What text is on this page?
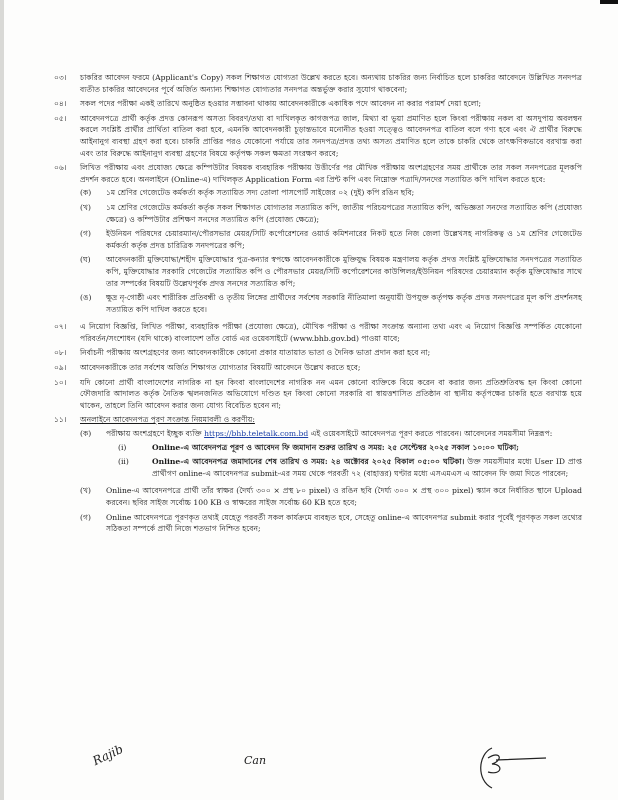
০৩।	চাকরির আবেদন ফরমে (Applicant's Copy) সকল শিক্ষাগত যোগ্যতা উল্লেখ করতে হবে। অন্যথায় চাকরির জন্য নির্বাচিত হলে চাকরির আবেদনে উল্লিখিত সনদপত্র ব্যতীত চাকরির আবেদনের পূর্বে অর্জিত অন্যান্য শিক্ষাগত যোগ্যতার সনদপত্র অন্তর্ভুক্ত করার সুযোগ থাকবেনা;
০৪।	সকল পদের পরীক্ষা একই তারিখে অনুষ্ঠিত হওয়ার সম্ভাবনা থাকায় আবেদনকারীকে একাধিক পদে আবেদন না করার পরামর্শ দেয়া হলো;
০৫।	আবেদনপত্রে প্রার্থী কর্তৃক প্রদত্ত কোনরূপ অসত্য বিবরণ/তথ্য বা দাখিলকৃত কাগজপত্র জাল, মিথ্যা বা ভুয়া প্রমাণিত হলে কিংবা পরীক্ষায় নকল বা অসদুপায় অবলম্বন করলে সংশ্লিষ্ট প্রার্থীর প্রার্থিতা বাতিল করা হবে, এমনকি আবেদনকারী চূড়ান্তভাবে মনোনীত হওয়া সত্ত্বেও আবেদনপত্র বাতিল বলে গণ্য হবে এবং ঐ প্রার্থীর বিরুদ্ধে আইনানুগ ব্যবস্থা গ্রহণ করা হবে। চাকরি প্রাপ্তির পরও যেকোনো পর্যায়ে তার সনদপত্র/প্রদত্ত তথ্য অসত্য প্রমাণিত হলে তাকে চাকরি থেকে তাৎক্ষণিকভাবে বরখাস্ত করা এবং তার বিরুদ্ধে আইনানুগ ব্যবস্থা গ্রহণের বিষয়ে কর্তৃপক্ষ সকল ক্ষমতা সংরক্ষণ করবে;
০৬।	লিখিত পরীক্ষায় এবং প্রযোজ্য ক্ষেত্রে কম্পিউটার বিষয়ক ব্যবহারিক পরীক্ষায় উত্তীর্ণের পর মৌখিক পরীক্ষায় অংশগ্রহণের সময় প্রার্থীকে তার সকল সনদপত্রের মূলকপি প্রদর্শন করতে হবে। অনলাইনে (Online-এ) দাখিলকৃত Application Form এর প্রিন্ট কপি এবং নিম্নোক্ত পত্রাদি/সনদের সত্যায়িত কপি দাখিল করতে হবে:
(ক)	১ম শ্রেণির গেজেটেড কর্মকর্তা কর্তৃক সত্যায়িত সদ্য তোলা পাসপোর্ট সাইজের ০২ (দুই) কপি রঙিন ছবি;
(খ)	১ম শ্রেণির গেজেটেড কর্মকর্তা কর্তৃক সকল শিক্ষাগত যোগ্যতার সত্যায়িত কপি, জাতীয় পরিচয়পত্রের সত্যায়িত কপি, অভিজ্ঞতা সনদের সত্যায়িত কপি (প্রযোজ্য ক্ষেত্রে) ও কম্পিউটার প্রশিক্ষণ সনদের সত্যায়িত কপি (প্রযোজ্য ক্ষেত্রে);
(গ)	ইউনিয়ন পরিষদের চেয়ারম্যান/পৌরসভার মেয়র/সিটি কর্পোরেশনের ওয়ার্ড কমিশনারের নিকট হতে নিজ জেলা উল্লেখসহ নাগরিকত্ব ও ১ম শ্রেণির গেজেটেড কর্মকর্তা কর্তৃক প্রদত্ত চারিত্রিক সনদপত্রের কপি;
(ঘ)	আবেদনকারী মুক্তিযোদ্ধা/শহীদ মুক্তিযোদ্ধার পুত্র-কন্যার স্বপক্ষে আবেদনকারীকে মুক্তিযুদ্ধ বিষয়ক মন্ত্রণালয় কর্তৃক প্রদত্ত সংশ্লিষ্ট মুক্তিযোদ্ধার সনদপত্রের সত্যায়িত কপি, মুক্তিযোদ্ধার সরকারি গেজেটের সত্যায়িত কপি ও পৌরসভার মেয়র/সিটি কর্পোরেশনের কাউন্সিলর/ইউনিয়ন পরিষদের চেয়ারম্যান কর্তৃক মুক্তিযোদ্ধার সাথে তার সম্পর্কের বিষয়টি উল্লেখপূর্বক প্রদত্ত সনদের সত্যায়িত কপি;
(ঙ)	ক্ষুদ্র নৃ-গোষ্ঠী এবং শারীরিক প্রতিবন্ধী ও তৃতীয় লিঙ্গের প্রার্থীদের সর্বশেষ সরকারি নীতিমালা অনুযায়ী উপযুক্ত কর্তৃপক্ষ কর্তৃক প্রদত্ত সনদপত্রের মূল কপি প্রদর্শনসহ সত্যায়িত কপি দাখিল করতে হবে।
০৭।	এ নিয়োগ বিজ্ঞপ্তি, লিখিত পরীক্ষা, ব্যবহারিক পরীক্ষা (প্রযোজ্য ক্ষেত্রে), মৌখিক পরীক্ষা ও পরীক্ষা সংক্রান্ত অন্যান্য তথ্য এবং এ নিয়োগ বিজ্ঞপ্তি সম্পর্কিত যেকোনো পরিবর্তন/সংশোধন (যদি থাকে) বাংলাদেশ তাঁত বোর্ড এর ওয়েবসাইটে (www.bhb.gov.bd) পাওয়া যাবে;
০৮।	নির্বাচনী পরীক্ষায় অংশগ্রহণের জন্য আবেদনকারীকে কোনো প্রকার যাতায়াত ভাতা ও দৈনিক ভাতা প্রদান করা হবে না;
০৯।	আবেদনকারীকে তার সর্বশেষ অর্জিত শিক্ষাগত যোগ্যতার বিষয়টি আবেদনে উল্লেখ করতে হবে;
১০।	যদি কোনো প্রার্থী বাংলাদেশের নাগরিক না হন কিংবা বাংলাদেশের নাগরিক নন এমন কোনো ব্যক্তিকে বিয়ে করেন বা করার জন্য প্রতিশ্রুতিবদ্ধ হন কিংবা কোনো ফৌজদারি আদালত কর্তৃক নৈতিক স্খলনজনিত অভিযোগে দণ্ডিত হন কিংবা কোনো সরকারি বা স্বায়ত্তশাসিত প্রতিষ্ঠান বা স্থানীয় কর্তৃপক্ষের চাকরি হতে বরখাস্ত হয়ে থাকেন, তাহলে তিনি আবেদন করার জন্য যোগ্য বিবেচিত হবেন না;
১১।	অনলাইনে আবেদনপত্র পূরণ সংক্রান্ত নিয়মাবলী ও করণীয়:
(ক)	পরীক্ষায় অংশগ্রহণে ইচ্ছুক ব্যক্তি https://bhb.teletalk.com.bd এই ওয়েবসাইটে আবেদনপত্র পূরণ করতে পারবেন। আবেদনের সময়সীমা নিম্নরূপ:
(i)	Online-এ আবেদনপত্র পূরণ ও আবেদন ফি জমাদান শুরুর তারিখ ও সময়: ২৫ সেপ্টেম্বর ২০২৫ সকাল ১০:০০ ঘটিকা;
(ii)	Online-এ আবেদনপত্র জমাদানের শেষ তারিখ ও সময়: ২৪ অক্টোবর ২০২৫ বিকাল ০৫:০০ ঘটিকা। উক্ত সময়সীমার মধ্যে User ID প্রাপ্ত প্রার্থীগণ online-এ আবেদনপত্র submit-এর সময় থেকে পরবর্তী ৭২ (বাহাত্তর) ঘণ্টার মধ্যে এসএমএস এ আবেদন ফি জমা দিতে পারবেন;
(খ)	Online-এ আবেদনপত্রে প্রার্থী তাঁর স্বাক্ষর (দৈর্ঘ্য ৩০০ × প্রস্থ ৮০ pixel) ও রঙিন ছবি (দৈর্ঘ্য ৩০০ × প্রস্থ ৩০০ pixel) স্ক্যান করে নির্ধারিত স্থানে Upload করবেন। ছবির সাইজ সর্বোচ্চ 100 KB ও স্বাক্ষরের সাইজ সর্বোচ্চ 60 KB হতে হবে;
(গ)	Online আবেদনপত্রে পূরণকৃত তথ্যই যেহেতু পরবর্তী সকল কার্যক্রমে ব্যবহৃত হবে, সেহেতু online-এ আবেদনপত্র submit করার পূর্বেই পূরণকৃত সকল তথ্যের সঠিকতা সম্পর্কে প্রার্থী নিজে শতভাগ নিশ্চিত হবেন;
Rajib	Can
